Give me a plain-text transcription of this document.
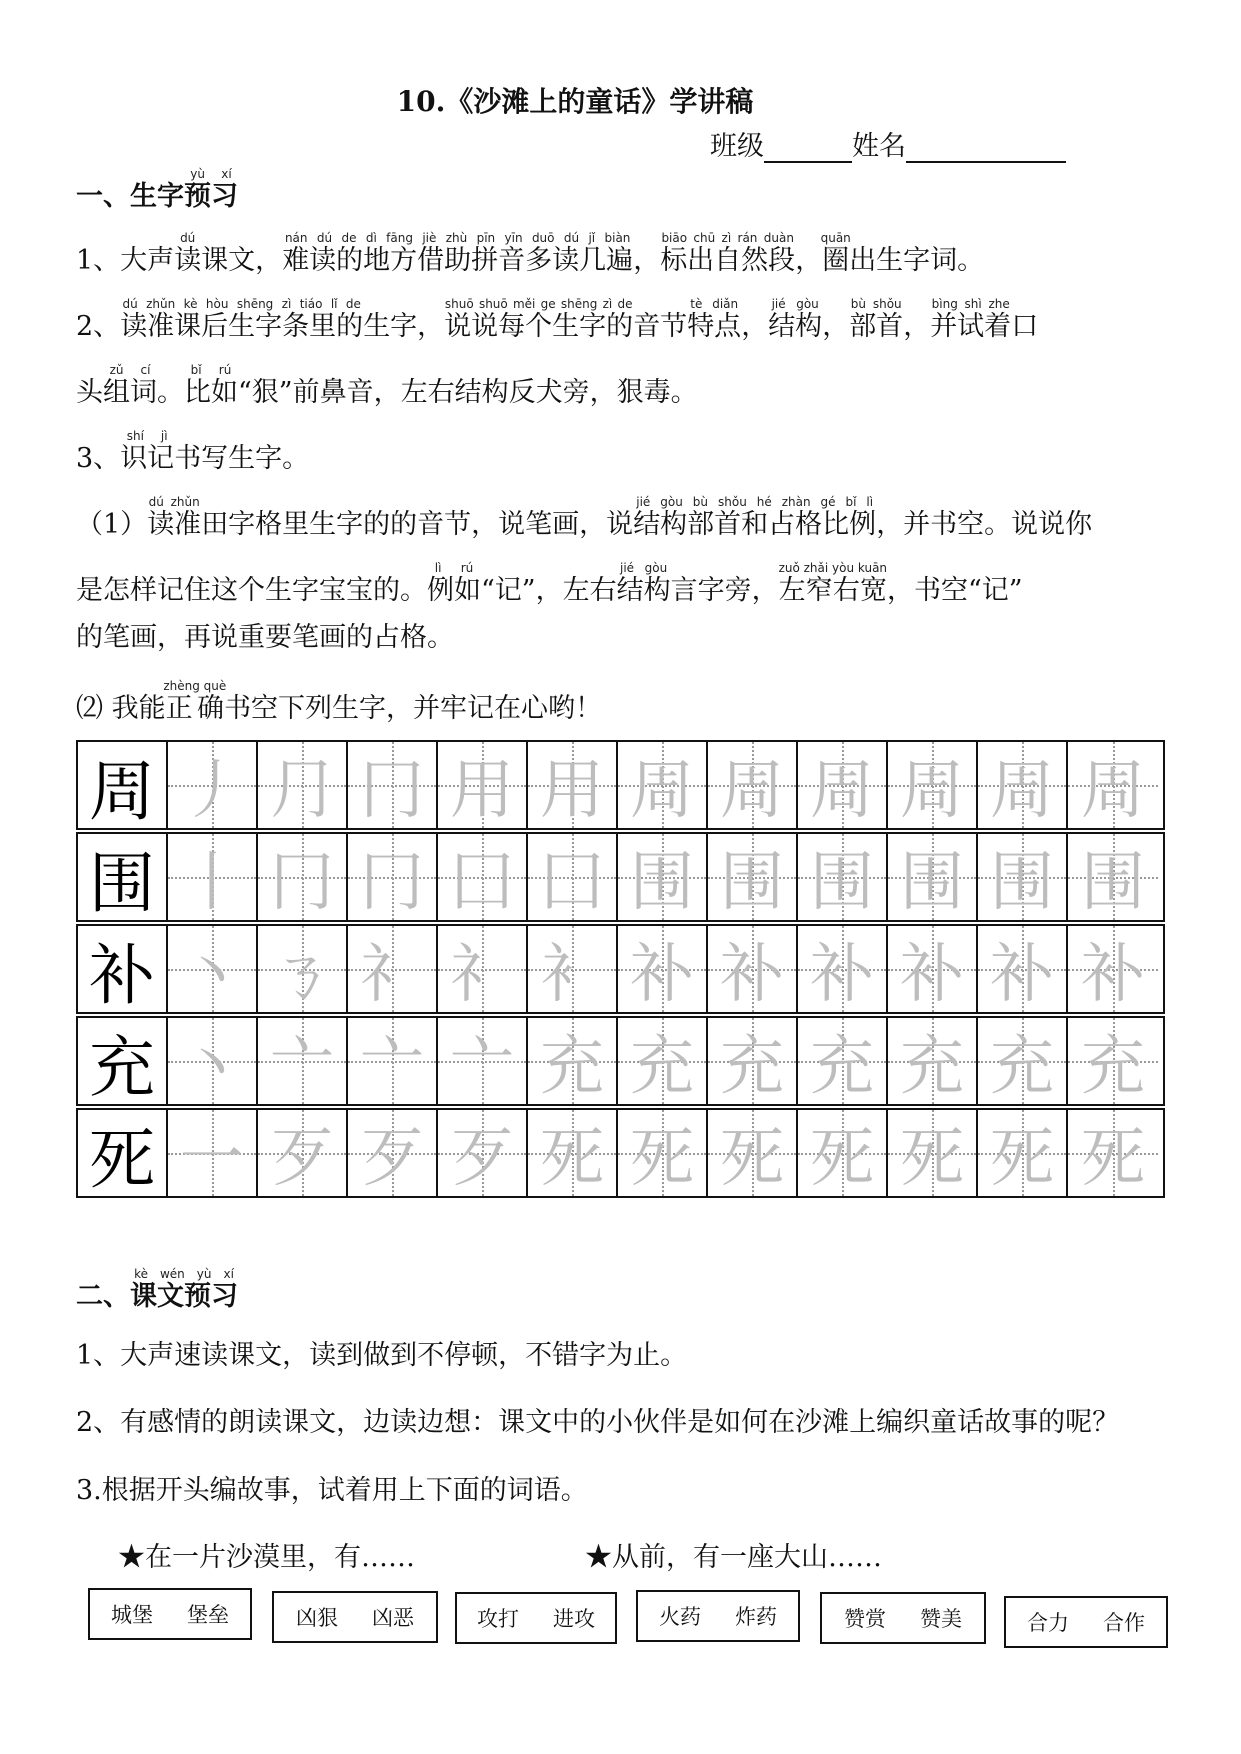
10.《沙滩上的童话》学讲稿
班级	姓名
一、生字预习yù xí
1、大声读dú课文，难读的地方借助拼音多读几遍nán dú de dì fāng jiè zhù pīn yīn duō dú jǐ biàn，标出自然段biāo chū zì rán duàn，圈quān出生字词。
2、读准课后生字条里的dú zhǔn kè hòu shēng zì tiáo lǐ de生字，说说每个生字的shuō shuō měi ge shēng zì de音节特点tè diǎn，结构jié gòu，部首bù shǒu，并试着bìng shì zhe口
头组词zǔ cí。比如bǐ rú“狠”前鼻音，左右结构反犬旁，狠毒。
3、识记shí jì书写生字。
（1）读准dú zhǔn田字格里生字的的音节，说笔画，说结构部首和占格比例jié gòu bù shǒu hé zhàn gé bǐ lì，并书空。说说你
是怎样记住这个生字宝宝的。例如lì rú“记”，左右结构jié gòu言字旁，左窄右宽zuǒ zhǎi yòu kuān，书空“记”
的笔画，再说重要笔画的占格。
⑵ 我能正确zhèng què书空下列生字，并牢记在心哟！
周 丿 ⺆ 冂 用 用 周 周 周 周 周 周
围 丨 冂 冂 囗 囗 围 围 围 围 围 围
补 丶 ㄋ 礻 礻 衤 补 补 补 补 补 补
充 丶 亠 亠 亠 充 充 充 充 充 充 充
死 一 歹 歹 歹 死 死 死 死 死 死 死
二、课文预习kè wén yù xí
1、大声速读课文，读到做到不停顿，不错字为止。
2、有感情的朗读课文，边读边想：课文中的小伙伴是如何在沙滩上编织童话故事的呢？
3.根据开头编故事，试着用上下面的词语。
★在一片沙漠里，有……	★从前，有一座大山……
城堡 堡垒	凶狠 凶恶	攻打 进攻	火药 炸药	赞赏 赞美	合力 合作
